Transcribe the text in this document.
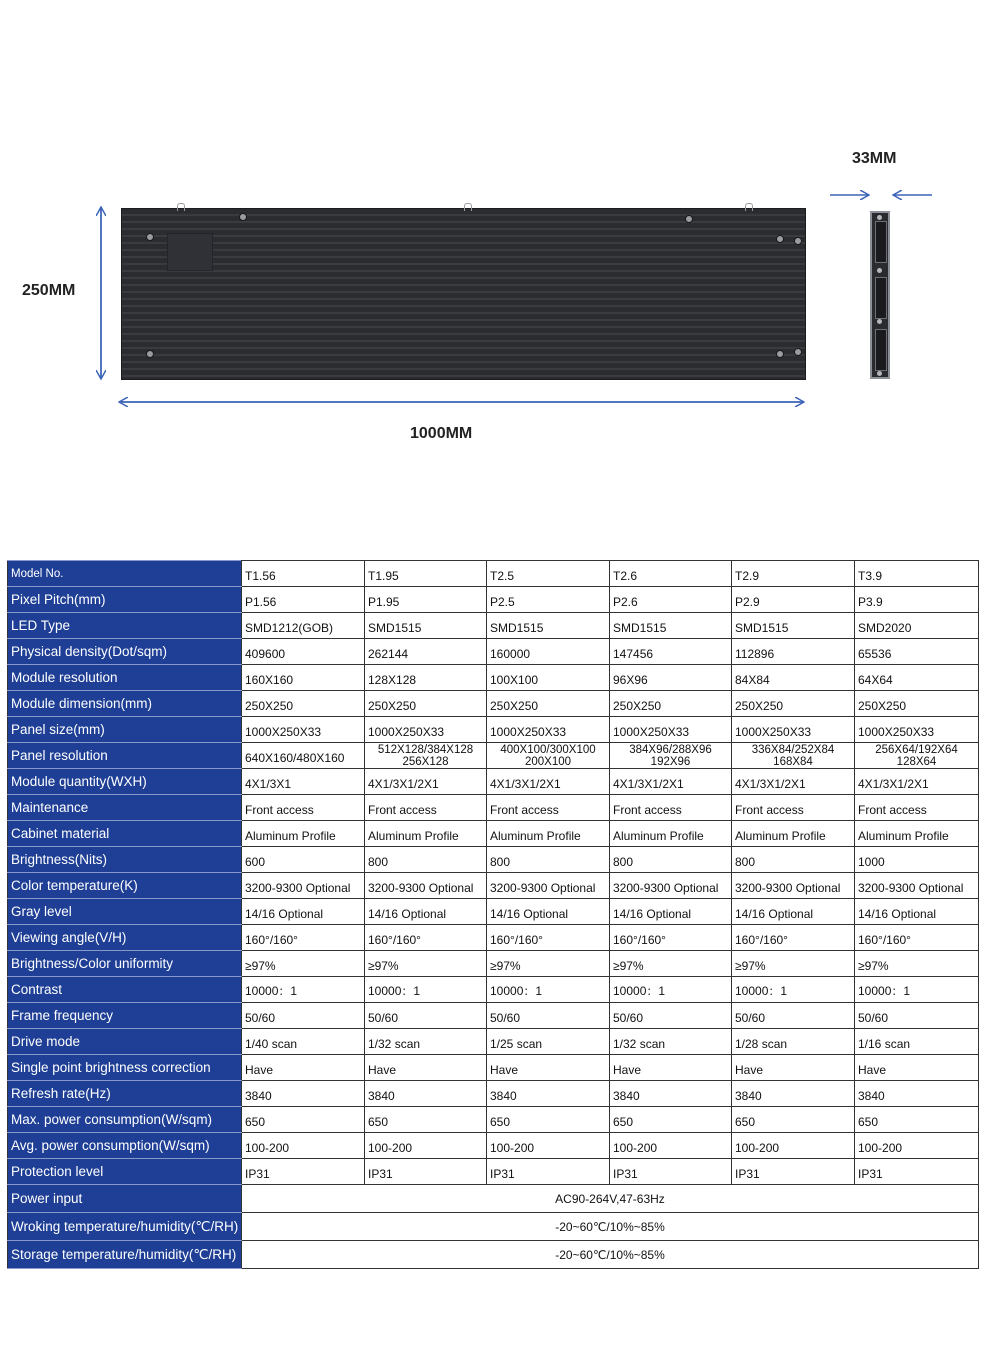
250MM
1000MM
33MM
Model No.	T1.56	T1.95	T2.5	T2.6	T2.9	T3.9
Pixel Pitch(mm)	P1.56	P1.95	P2.5	P2.6	P2.9	P3.9
LED Type	SMD1212(GOB)	SMD1515	SMD1515	SMD1515	SMD1515	SMD2020
Physical density(Dot/sqm)	409600	262144	160000	147456	112896	65536
Module resolution	160X160	128X128	100X100	96X96	84X84	64X64
Module dimension(mm)	250X250	250X250	250X250	250X250	250X250	250X250
Panel size(mm)	1000X250X33	1000X250X33	1000X250X33	1000X250X33	1000X250X33	1000X250X33
Panel resolution	640X160/480X160	512X128/384X128 256X128	400X100/300X100 200X100	384X96/288X96 192X96	336X84/252X84 168X84	256X64/192X64 128X64
Module quantity(WXH)	4X1/3X1	4X1/3X1/2X1	4X1/3X1/2X1	4X1/3X1/2X1	4X1/3X1/2X1	4X1/3X1/2X1
Maintenance	Front access	Front access	Front access	Front access	Front access	Front access
Cabinet material	Aluminum Profile	Aluminum Profile	Aluminum Profile	Aluminum Profile	Aluminum Profile	Aluminum Profile
Brightness(Nits)	600	800	800	800	800	1000
Color temperature(K)	3200-9300 Optional	3200-9300 Optional	3200-9300 Optional	3200-9300 Optional	3200-9300 Optional	3200-9300 Optional
Gray level	14/16 Optional	14/16 Optional	14/16 Optional	14/16 Optional	14/16 Optional	14/16 Optional
Viewing angle(V/H)	160°/160°	160°/160°	160°/160°	160°/160°	160°/160°	160°/160°
Brightness/Color uniformity	≥97%	≥97%	≥97%	≥97%	≥97%	≥97%
Contrast	10000：1	10000：1	10000：1	10000：1	10000：1	10000：1
Frame frequency	50/60	50/60	50/60	50/60	50/60	50/60
Drive mode	1/40 scan	1/32 scan	1/25 scan	1/32 scan	1/28 scan	1/16 scan
Single point brightness correction	Have	Have	Have	Have	Have	Have
Refresh rate(Hz)	3840	3840	3840	3840	3840	3840
Max. power consumption(W/sqm)	650	650	650	650	650	650
Avg. power consumption(W/sqm)	100-200	100-200	100-200	100-200	100-200	100-200
Protection level	IP31	IP31	IP31	IP31	IP31	IP31
Power input	AC90-264V,47-63Hz					
Wroking temperature/humidity(℃/RH)	-20~60℃/10%~85%					
Storage temperature/humidity(℃/RH)	-20~60℃/10%~85%					
